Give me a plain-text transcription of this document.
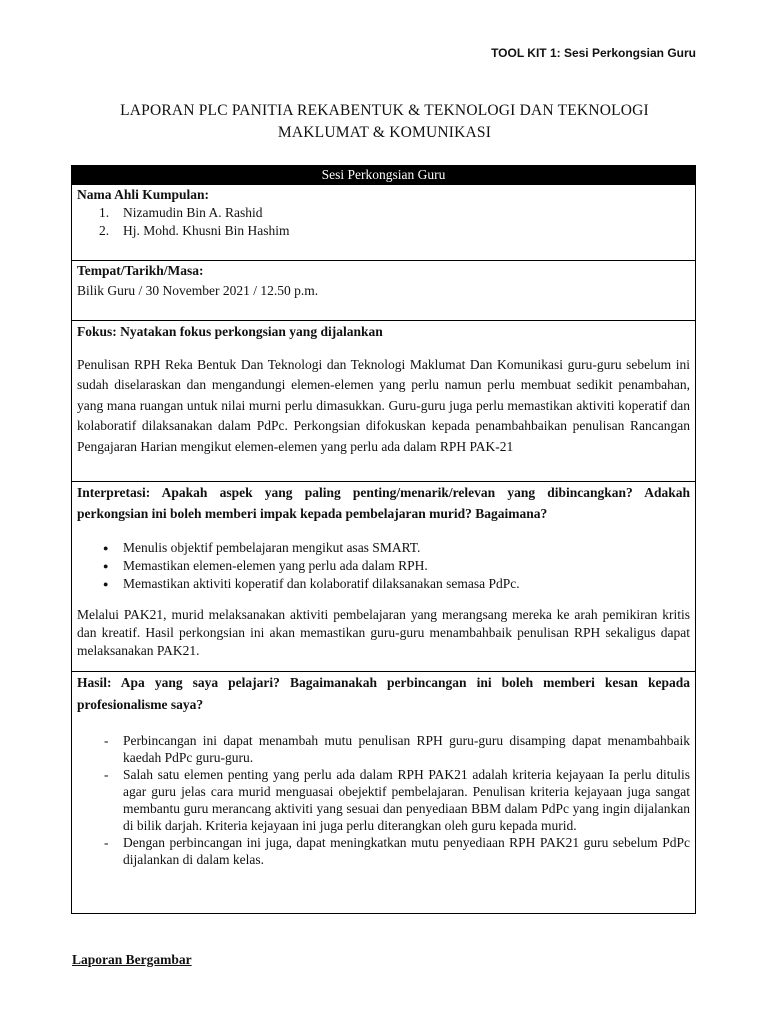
TOOL KIT 1: Sesi Perkongsian Guru
LAPORAN PLC PANITIA REKABENTUK & TEKNOLOGI DAN TEKNOLOGI
MAKLUMAT & KOMUNIKASI
Sesi Perkongsian Guru
Nama Ahli Kumpulan:
1. Nizamudin Bin A. Rashid
2. Hj. Mohd. Khusni Bin Hashim
Tempat/Tarikh/Masa:
Bilik Guru / 30 November 2021 / 12.50 p.m.
Fokus: Nyatakan fokus perkongsian yang dijalankan

Penulisan RPH Reka Bentuk Dan Teknologi dan Teknologi Maklumat Dan Komunikasi guru-guru sebelum ini sudah diselaraskan dan mengandungi elemen-elemen yang perlu namun perlu membuat sedikit penambahan, yang mana ruangan untuk nilai murni perlu dimasukkan. Guru-guru juga perlu memastikan aktiviti koperatif dan kolaboratif dilaksanakan dalam PdPc. Perkongsian difokuskan kepada penambahbaikan penulisan Rancangan Pengajaran Harian mengikut elemen-elemen yang perlu ada dalam RPH PAK-21

Interpretasi: Apakah aspek yang paling penting/menarik/relevan yang dibincangkan? Adakah perkongsian ini boleh memberi impak kepada pembelajaran murid? Bagaimana?
● Menulis objektif pembelajaran mengikut asas SMART.
● Memastikan elemen-elemen yang perlu ada dalam RPH.
● Memastikan aktiviti koperatif dan kolaboratif dilaksanakan semasa PdPc.

Melalui PAK21, murid melaksanakan aktiviti pembelajaran yang merangsang mereka ke arah pemikiran kritis dan kreatif. Hasil perkongsian ini akan memastikan guru-guru menambahbaik penulisan RPH sekaligus dapat melaksanakan PAK21.

Hasil: Apa yang saya pelajari? Bagaimanakah perbincangan ini boleh memberi kesan kepada profesionalisme saya?
- Perbincangan ini dapat menambah mutu penulisan RPH guru-guru disamping dapat menambahbaik kaedah PdPc guru-guru.
- Salah satu elemen penting yang perlu ada dalam RPH PAK21 adalah kriteria kejayaan Ia perlu ditulis agar guru jelas cara murid menguasai obejektif pembelajaran. Penulisan kriteria kejayaan juga sangat membantu guru merancang aktiviti yang sesuai dan penyediaan BBM dalam PdPc yang ingin dijalankan di bilik darjah. Kriteria kejayaan ini juga perlu diterangkan oleh guru kepada murid.
- Dengan perbincangan ini juga, dapat meningkatkan mutu penyediaan RPH PAK21 guru sebelum PdPc dijalankan di dalam kelas.
Laporan Bergambar
